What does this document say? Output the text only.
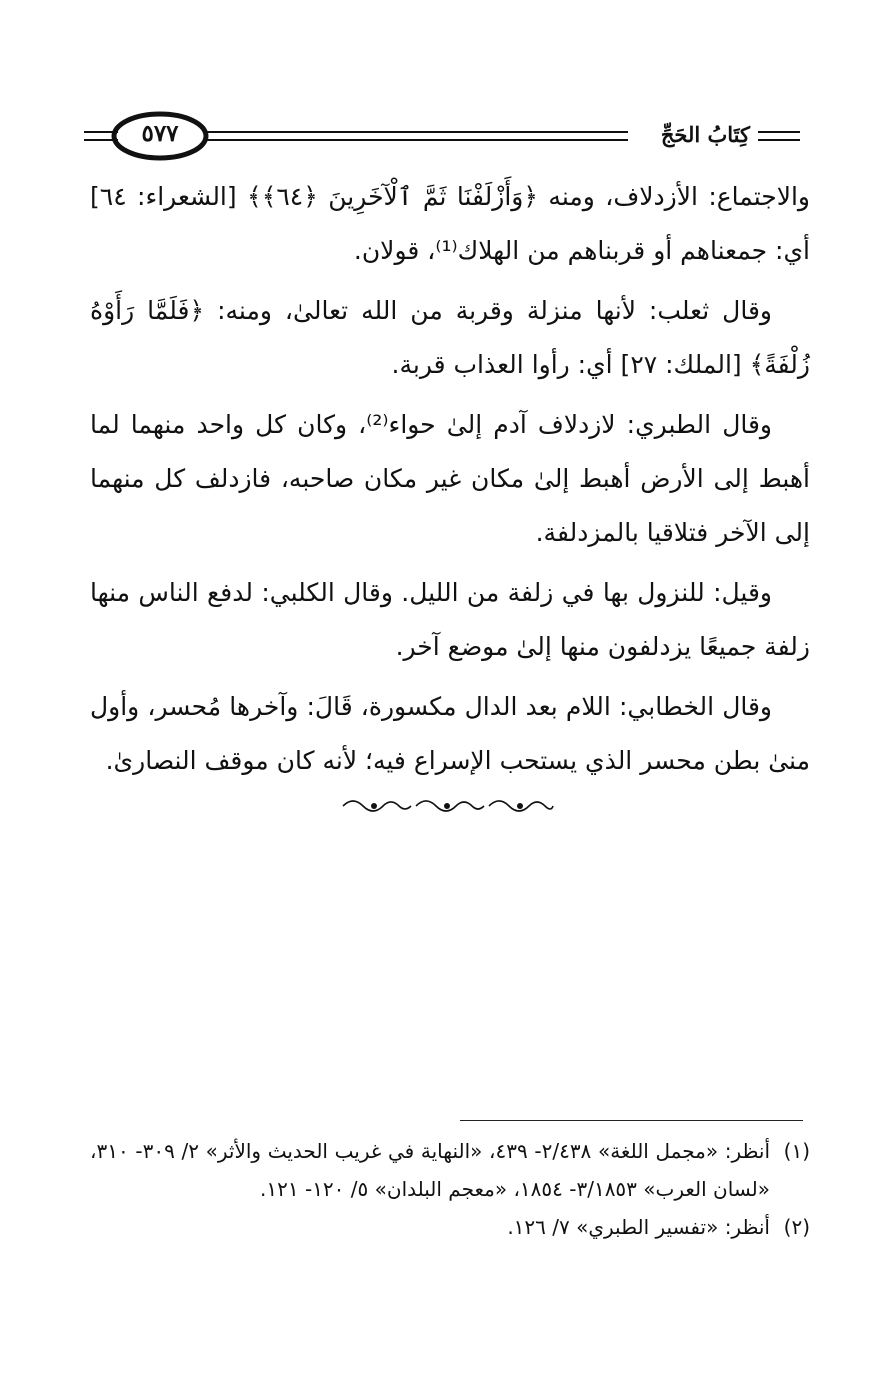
كِتَابُ الحَجِّ
٥٧٧

والاجتماع: الأزدلاف، ومنه ﴿وَأَزْلَفْنَا ثَمَّ ٱلْآخَرِينَ ﴿٦٤﴾﴾ [الشعراء: ٦٤] أي: جمعناهم أو قربناهم من الهلاك⁽¹⁾، قولان.

وقال ثعلب: لأنها منزلة وقربة من الله تعالىٰ، ومنه: ﴿فَلَمَّا رَأَوْهُ زُلْفَةً﴾ [الملك: ٢٧] أي: رأوا العذاب قربة.

وقال الطبري: لازدلاف آدم إلىٰ حواء⁽²⁾، وكان كل واحد منهما لما أهبط إلى الأرض أهبط إلىٰ مكان غير مكان صاحبه، فازدلف كل منهما إلى الآخر فتلاقيا بالمزدلفة.

وقيل: للنزول بها في زلفة من الليل. وقال الكلبي: لدفع الناس منها زلفة جميعًا يزدلفون منها إلىٰ موضع آخر.

وقال الخطابي: اللام بعد الدال مكسورة، قَالَ: وآخرها مُحسر، وأول منىٰ بطن محسر الذي يستحب الإسراع فيه؛ لأنه كان موقف النصارىٰ.

(١)
أنظر: «مجمل اللغة» ٢/٤٣٨- ٤٣٩، «النهاية في غريب الحديث والأثر» ٢/ ٣٠٩- ٣١٠، «لسان العرب» ٣/١٨٥٣- ١٨٥٤، «معجم البلدان» ٥/ ١٢٠- ١٢١.
(٢)
أنظر: «تفسير الطبري» ٧/ ١٢٦.
